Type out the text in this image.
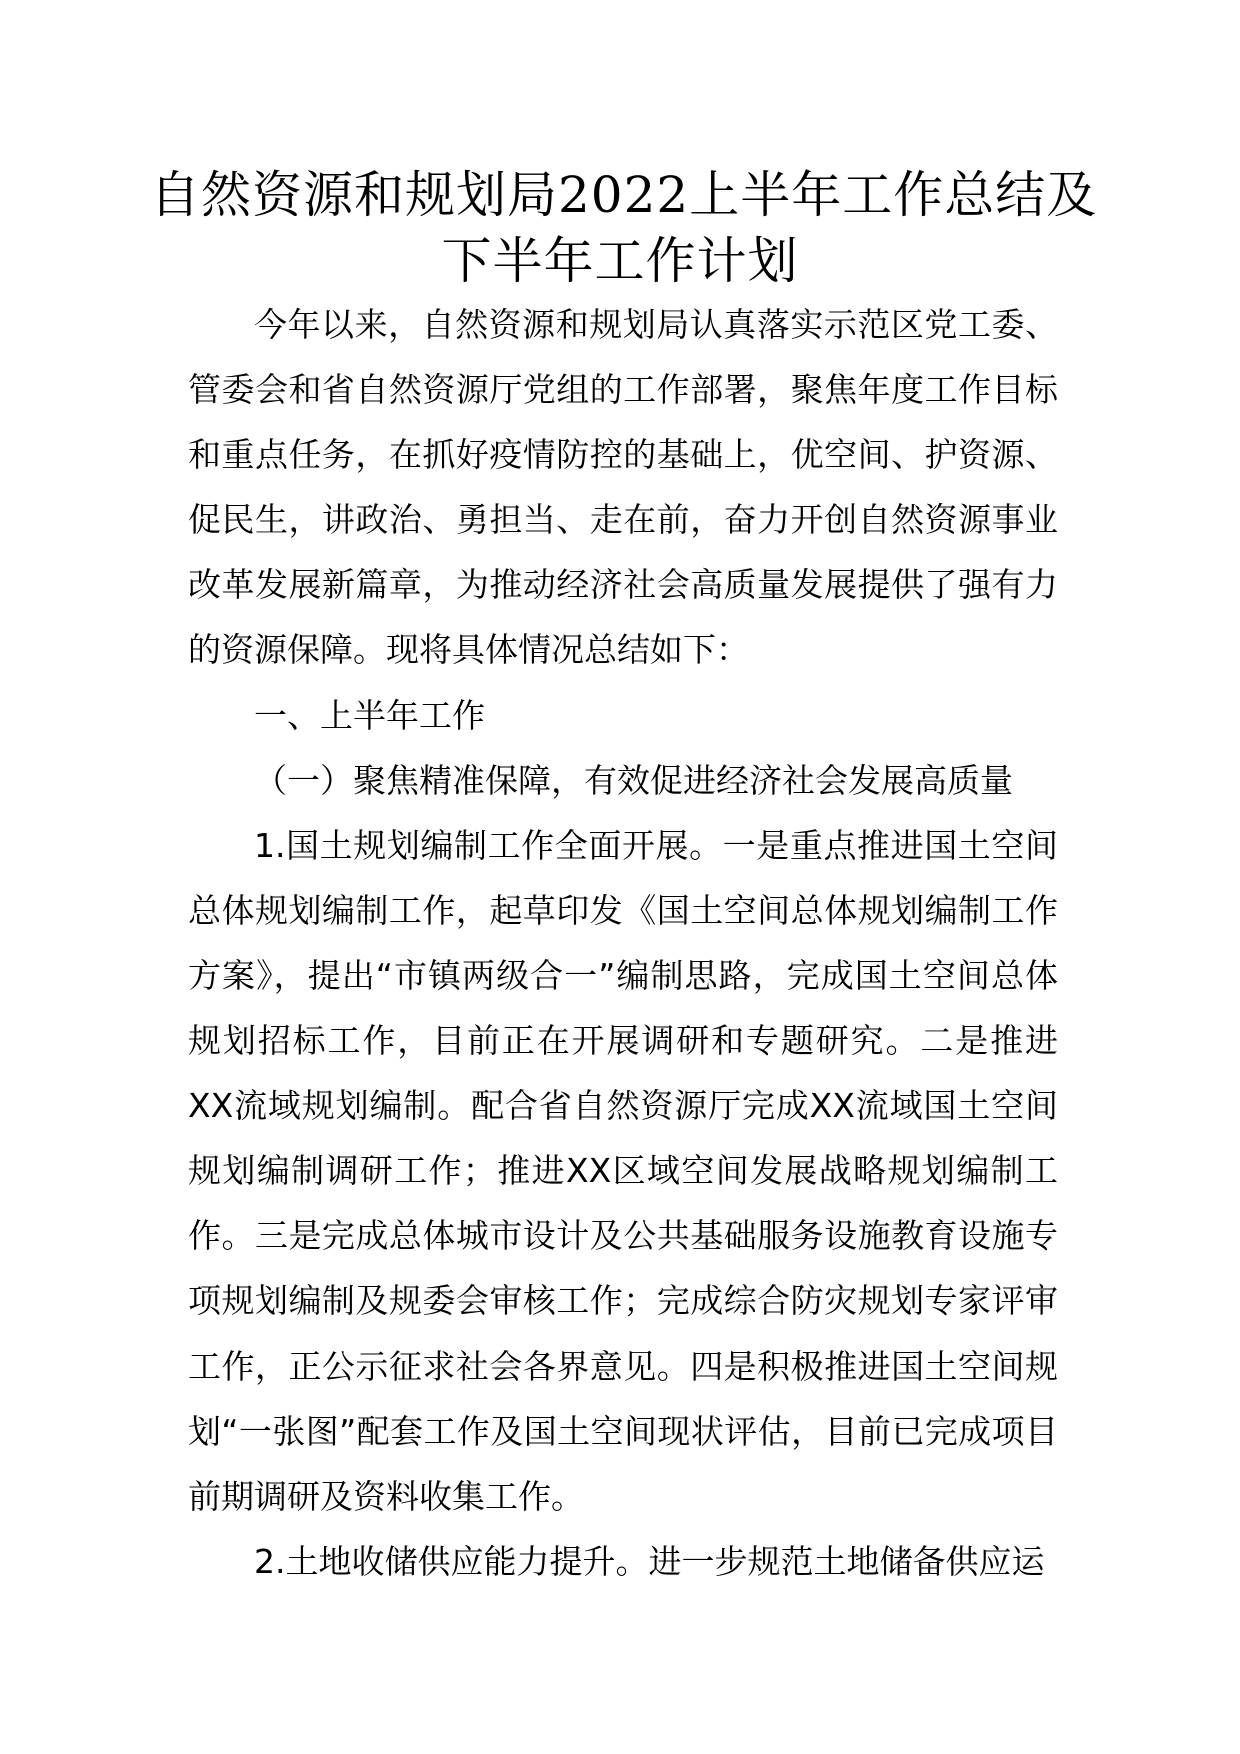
自然资源和规划局2022上半年工作总结及
下半年工作计划

今年以来，自然资源和规划局认真落实示范区党工委、管委会和省自然资源厅党组的工作部署，聚焦年度工作目标和重点任务，在抓好疫情防控的基础上，优空间、护资源、促民生，讲政治、勇担当、走在前，奋力开创自然资源事业改革发展新篇章，为推动经济社会高质量发展提供了强有力的资源保障。现将具体情况总结如下：

一、上半年工作

（一）聚焦精准保障，有效促进经济社会发展高质量

1.国土规划编制工作全面开展。一是重点推进国土空间总体规划编制工作，起草印发《国土空间总体规划编制工作方案》，提出“市镇两级合一”编制思路，完成国土空间总体规划招标工作，目前正在开展调研和专题研究。二是推进XX流域规划编制。配合省自然资源厅完成XX流域国土空间规划编制调研工作；推进XX区域空间发展战略规划编制工作。三是完成总体城市设计及公共基础服务设施教育设施专项规划编制及规委会审核工作；完成综合防灾规划专家评审工作，正公示征求社会各界意见。四是积极推进国土空间规划“一张图”配套工作及国土空间现状评估，目前已完成项目前期调研及资料收集工作。

2.土地收储供应能力提升。进一步规范土地储备供应运
